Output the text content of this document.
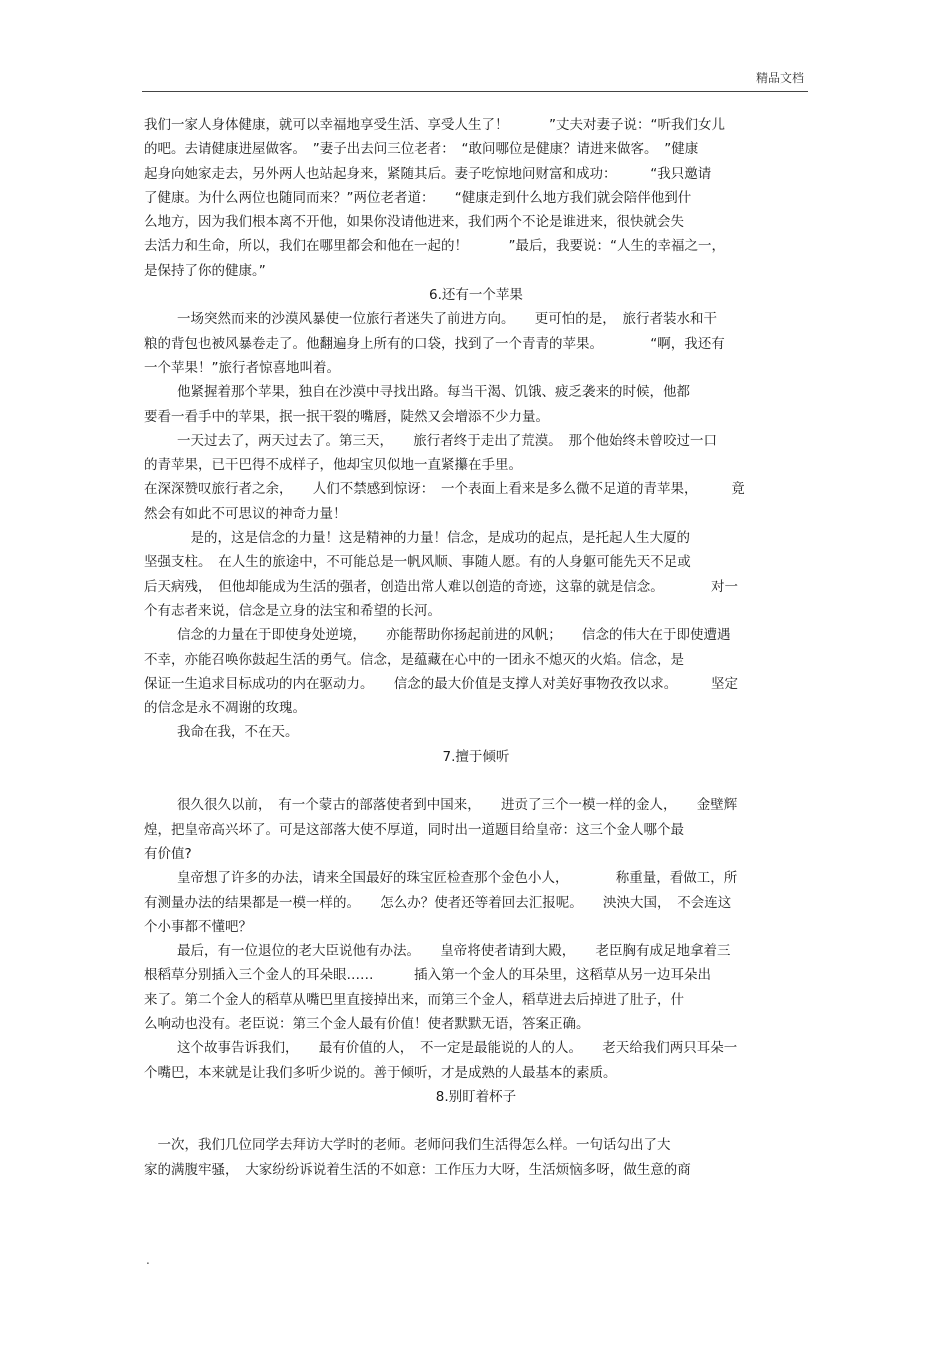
精品文档
我们一家人身体健康，就可以幸福地享受生活、享受人生了！　　　”丈夫对妻子说：“听我们女儿
的吧。去请健康进屋做客。　”妻子出去问三位老者：　“敢问哪位是健康？请进来做客。　”健康
起身向她家走去，另外两人也站起身来，紧随其后。妻子吃惊地问财富和成功：　　　“我只邀请
了健康。为什么两位也随同而来？”两位老者道：　　“健康走到什么地方我们就会陪伴他到什
么地方，因为我们根本离不开他，如果你没请他进来，我们两个不论是谁进来，很快就会失
去活力和生命，所以，我们在哪里都会和他在一起的！　　　”最后，我要说：“人生的幸福之一，
是保持了你的健康。”
6.还有一个苹果
一场突然而来的沙漠风暴使一位旅行者迷失了前进方向。　　更可怕的是，　旅行者装水和干
粮的背包也被风暴卷走了。他翻遍身上所有的口袋，找到了一个青青的苹果。　　　　“啊，我还有
一个苹果！”旅行者惊喜地叫着。
他紧握着那个苹果，独自在沙漠中寻找出路。每当干渴、饥饿、疲乏袭来的时候，他都
要看一看手中的苹果，抿一抿干裂的嘴唇，陡然又会增添不少力量。
一天过去了，两天过去了。第三天，　　旅行者终于走出了荒漠。　那个他始终未曾咬过一口
的青苹果，已干巴得不成样子，他却宝贝似地一直紧攥在手里。
在深深赞叹旅行者之余，　　人们不禁感到惊讶：　一个表面上看来是多么微不足道的青苹果，　　　竟
然会有如此不可思议的神奇力量！
　是的，这是信念的力量！这是精神的力量！信念，是成功的起点，是托起人生大厦的
坚强支柱。　在人生的旅途中，不可能总是一帆风顺、事随人愿。有的人身躯可能先天不足或
后天病残，　但他却能成为生活的强者，创造出常人难以创造的奇迹，这靠的就是信念。　　　　对一
个有志者来说，信念是立身的法宝和希望的长河。
信念的力量在于即使身处逆境，　　亦能帮助你扬起前进的风帆；　　信念的伟大在于即使遭遇
不幸，亦能召唤你鼓起生活的勇气。信念，是蕴藏在心中的一团永不熄灭的火焰。信念，是
保证一生追求目标成功的内在驱动力。　　信念的最大价值是支撑人对美好事物孜孜以求。　　　坚定
的信念是永不凋谢的玫瑰。
我命在我，不在天。
7.擅于倾听
很久很久以前，　有一个蒙古的部落使者到中国来，　　进贡了三个一模一样的金人，　　金壁辉
煌，把皇帝高兴坏了。可是这部落大使不厚道，同时出一道题目给皇帝：这三个金人哪个最
有价值?
皇帝想了许多的办法，请来全国最好的珠宝匠检查那个金色小人，　　　　称重量，看做工，所
有测量办法的结果都是一模一样的。　　怎么办？使者还等着回去汇报呢。　　泱泱大国，　不会连这
个小事都不懂吧？
最后，有一位退位的老大臣说他有办法。　　皇帝将使者请到大殿，　　老臣胸有成足地拿着三
根稻草分别插入三个金人的耳朵眼……　　　插入第一个金人的耳朵里，这稻草从另一边耳朵出
来了。第二个金人的稻草从嘴巴里直接掉出来，而第三个金人，稻草进去后掉进了肚子，什
么响动也没有。老臣说：第三个金人最有价值！使者默默无语，答案正确。
这个故事告诉我们，　　最有价值的人，　不一定是最能说的人的人。　　老天给我们两只耳朵一
个嘴巴，本来就是让我们多听少说的。善于倾听，才是成熟的人最基本的素质。
8.别盯着杯子
　一次，我们几位同学去拜访大学时的老师。老师问我们生活得怎么样。一句话勾出了大
家的满腹牢骚，　大家纷纷诉说着生活的不如意：工作压力大呀，生活烦恼多呀，做生意的商
.
